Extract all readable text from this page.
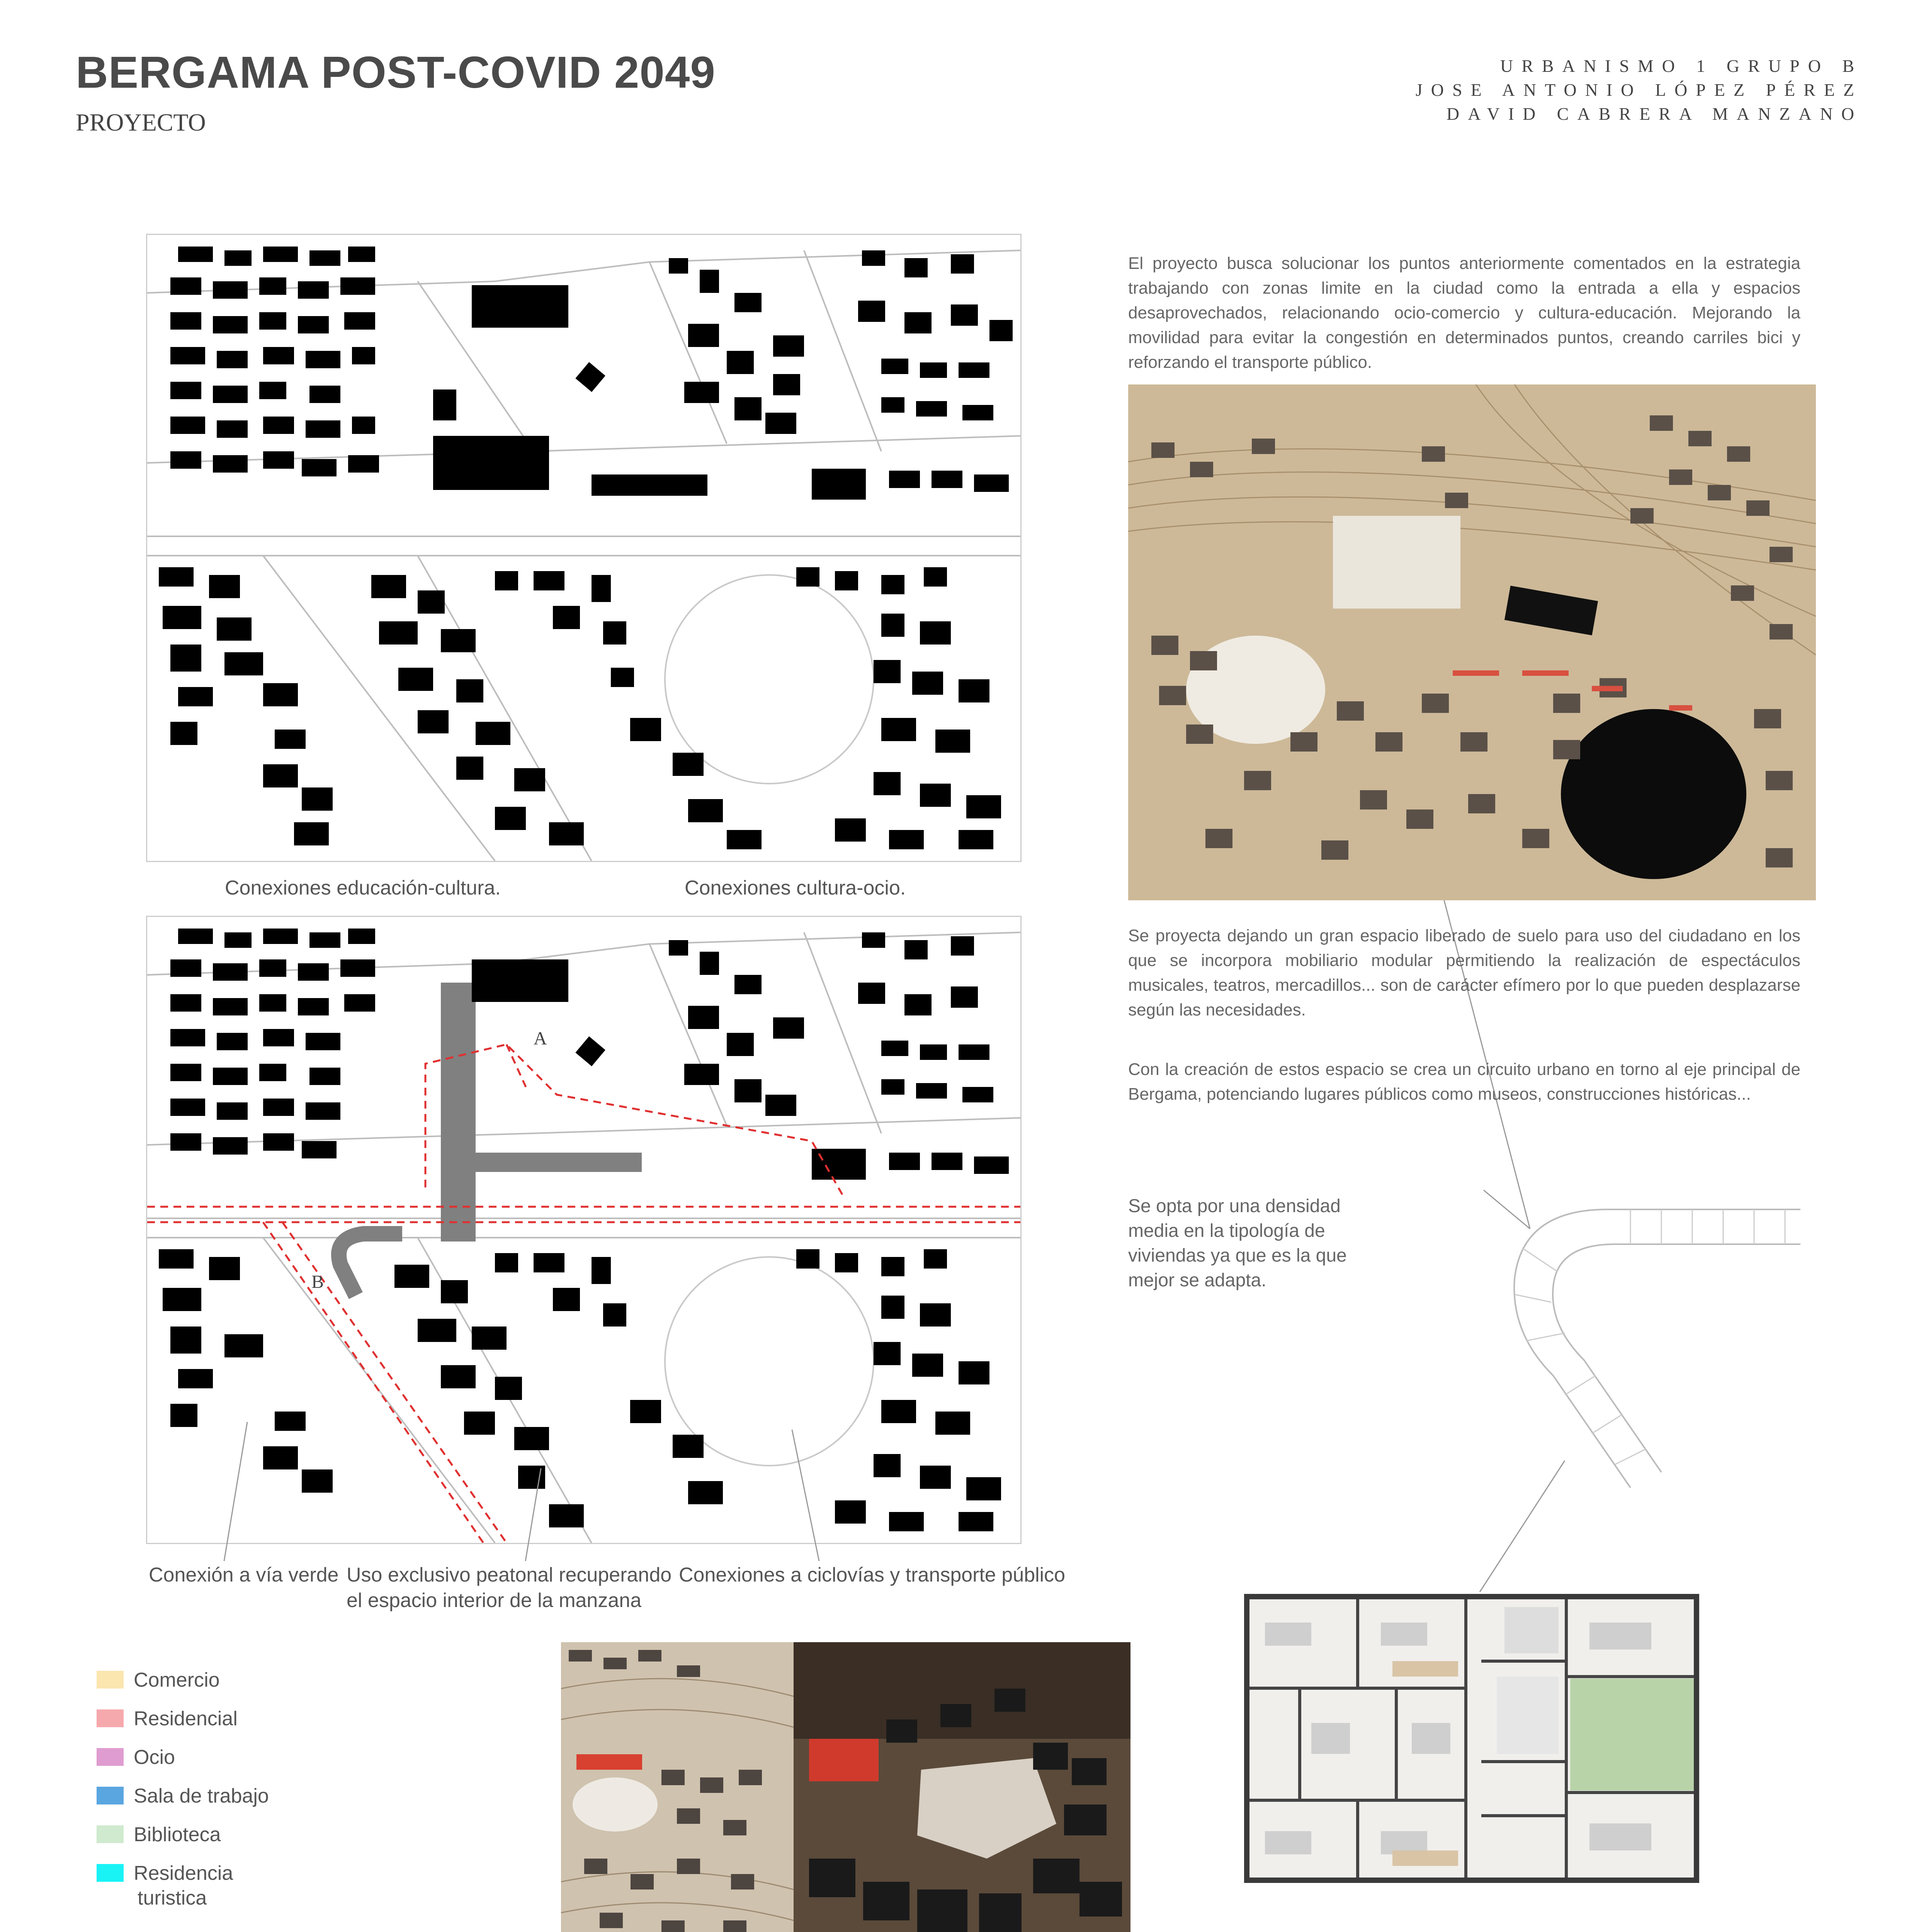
BERGAMA POST-COVID 2049
PROYECTO
URBANISMO 1 GRUPO B
JOSE ANTONIO LÓPEZ PÉREZ
DAVID CABRERA MANZANO
Conexiones educación-cultura.	Conexiones cultura-ocio.
A
B
Conexión a vía verde Uso exclusivo peatonal recuperando
el espacio interior de la manzana
Conexiones a ciclovías y transporte público
El proyecto busca solucionar los puntos anteriormente comentados en la estrategia trabajando con zonas limite en la ciudad como la entrada a ella y espacios desaprovechados, relacionando ocio-comercio y cultura-educación. Mejorando la movilidad para evitar la congestión en determinados puntos, creando carriles bici y reforzando el transporte público.
Se proyecta dejando un gran espacio liberado de suelo para uso del ciudadano en los que se incorpora mobiliario modular permitiendo la realización de espectáculos musicales, teatros, mercadillos... son de carácter efímero por lo que pueden desplazarse según las necesidades.
Con la creación de estos espacio se crea un circuito urbano en torno al eje principal de Bergama, potenciando lugares públicos como museos, construcciones históricas...
Se opta por una densidad media en la tipología de viviendas ya que es la que mejor se adapta.
Comercio
Residencial
Ocio
Sala de trabajo
Biblioteca
Residencia
turistica
